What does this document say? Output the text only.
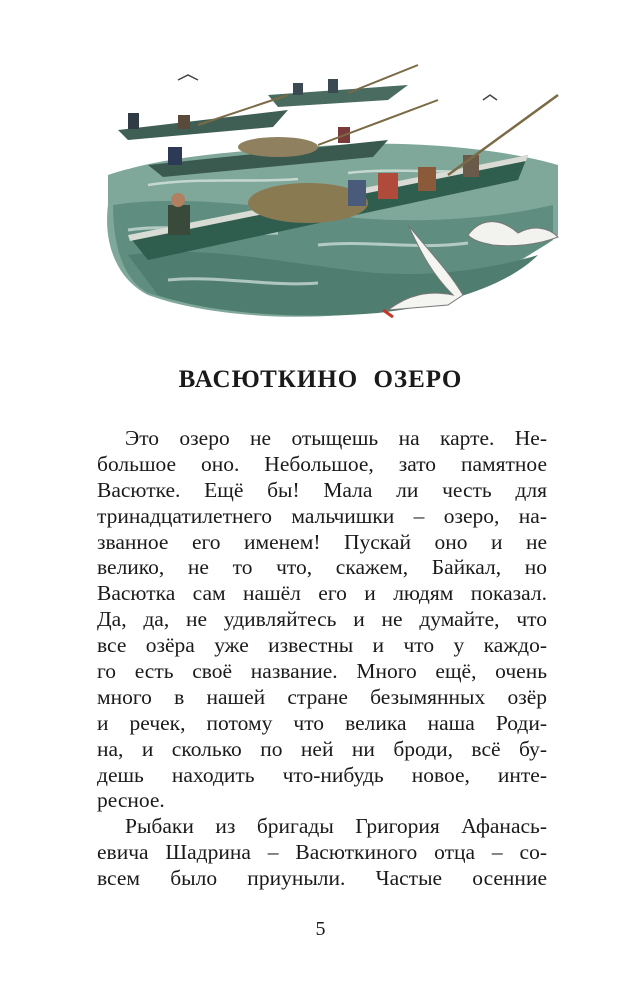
ВАСЮТКИНО ОЗЕРО

Это озеро не отыщешь на карте. Не-
большое оно. Небольшое, зато памятное
Васютке. Ещё бы! Мала ли честь для
тринадцатилетнего мальчишки – озеро, на-
званное его именем! Пускай оно и не
велико, не то что, скажем, Байкал, но
Васютка сам нашёл его и людям показал.
Да, да, не удивляйтесь и не думайте, что
все озёра уже известны и что у каждо-
го есть своё название. Много ещё, очень
много в нашей стране безымянных озёр
и речек, потому что велика наша Роди-
на, и сколько по ней ни броди, всё бу-
дешь находить что-нибудь новое, инте-
ресное.
Рыбаки из бригады Григория Афанась-
евича Шадрина – Васюткиного отца – со-
всем было приуныли. Частые осенние

5
